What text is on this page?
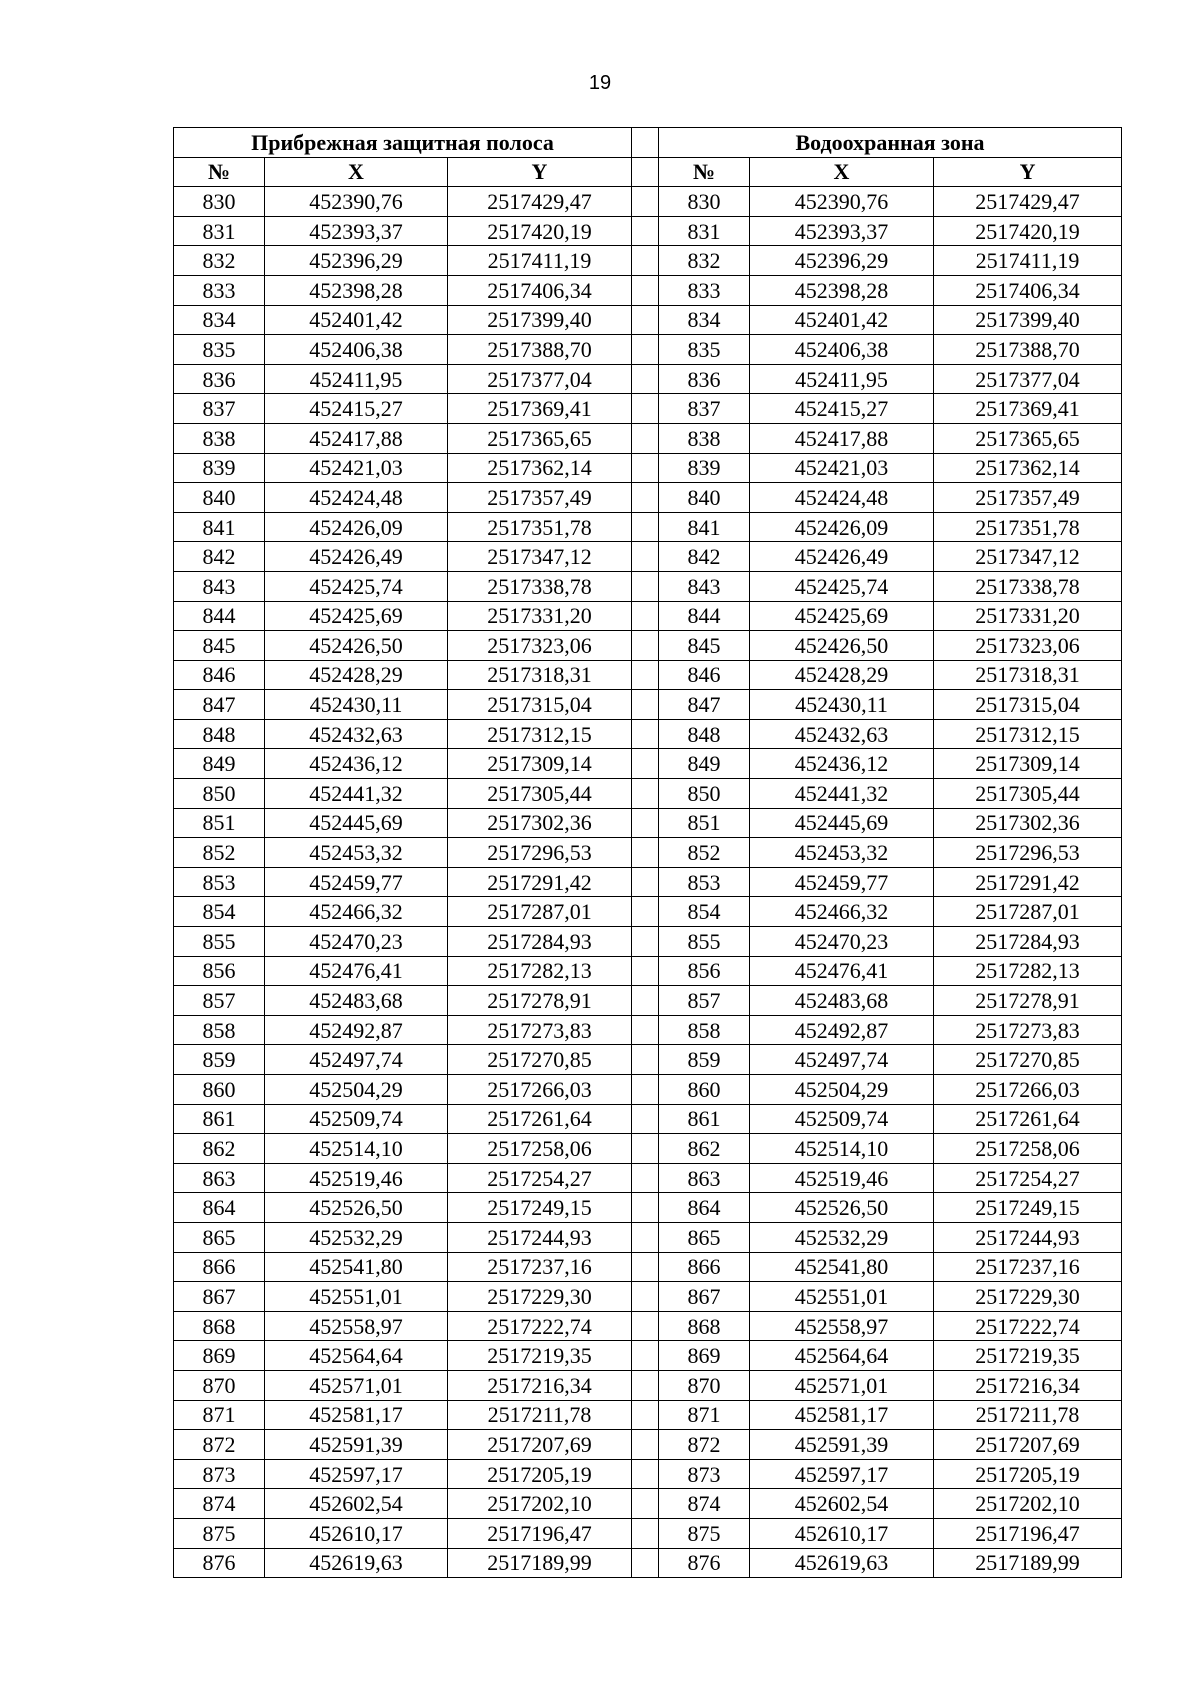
19
Прибрежная защитная полоса				Водоохранная зона		
№	X	Y		№	X	Y
830	452390,76	2517429,47		830	452390,76	2517429,47
831	452393,37	2517420,19		831	452393,37	2517420,19
832	452396,29	2517411,19		832	452396,29	2517411,19
833	452398,28	2517406,34		833	452398,28	2517406,34
834	452401,42	2517399,40		834	452401,42	2517399,40
835	452406,38	2517388,70		835	452406,38	2517388,70
836	452411,95	2517377,04		836	452411,95	2517377,04
837	452415,27	2517369,41		837	452415,27	2517369,41
838	452417,88	2517365,65		838	452417,88	2517365,65
839	452421,03	2517362,14		839	452421,03	2517362,14
840	452424,48	2517357,49		840	452424,48	2517357,49
841	452426,09	2517351,78		841	452426,09	2517351,78
842	452426,49	2517347,12		842	452426,49	2517347,12
843	452425,74	2517338,78		843	452425,74	2517338,78
844	452425,69	2517331,20		844	452425,69	2517331,20
845	452426,50	2517323,06		845	452426,50	2517323,06
846	452428,29	2517318,31		846	452428,29	2517318,31
847	452430,11	2517315,04		847	452430,11	2517315,04
848	452432,63	2517312,15		848	452432,63	2517312,15
849	452436,12	2517309,14		849	452436,12	2517309,14
850	452441,32	2517305,44		850	452441,32	2517305,44
851	452445,69	2517302,36		851	452445,69	2517302,36
852	452453,32	2517296,53		852	452453,32	2517296,53
853	452459,77	2517291,42		853	452459,77	2517291,42
854	452466,32	2517287,01		854	452466,32	2517287,01
855	452470,23	2517284,93		855	452470,23	2517284,93
856	452476,41	2517282,13		856	452476,41	2517282,13
857	452483,68	2517278,91		857	452483,68	2517278,91
858	452492,87	2517273,83		858	452492,87	2517273,83
859	452497,74	2517270,85		859	452497,74	2517270,85
860	452504,29	2517266,03		860	452504,29	2517266,03
861	452509,74	2517261,64		861	452509,74	2517261,64
862	452514,10	2517258,06		862	452514,10	2517258,06
863	452519,46	2517254,27		863	452519,46	2517254,27
864	452526,50	2517249,15		864	452526,50	2517249,15
865	452532,29	2517244,93		865	452532,29	2517244,93
866	452541,80	2517237,16		866	452541,80	2517237,16
867	452551,01	2517229,30		867	452551,01	2517229,30
868	452558,97	2517222,74		868	452558,97	2517222,74
869	452564,64	2517219,35		869	452564,64	2517219,35
870	452571,01	2517216,34		870	452571,01	2517216,34
871	452581,17	2517211,78		871	452581,17	2517211,78
872	452591,39	2517207,69		872	452591,39	2517207,69
873	452597,17	2517205,19		873	452597,17	2517205,19
874	452602,54	2517202,10		874	452602,54	2517202,10
875	452610,17	2517196,47		875	452610,17	2517196,47
876	452619,63	2517189,99		876	452619,63	2517189,99
